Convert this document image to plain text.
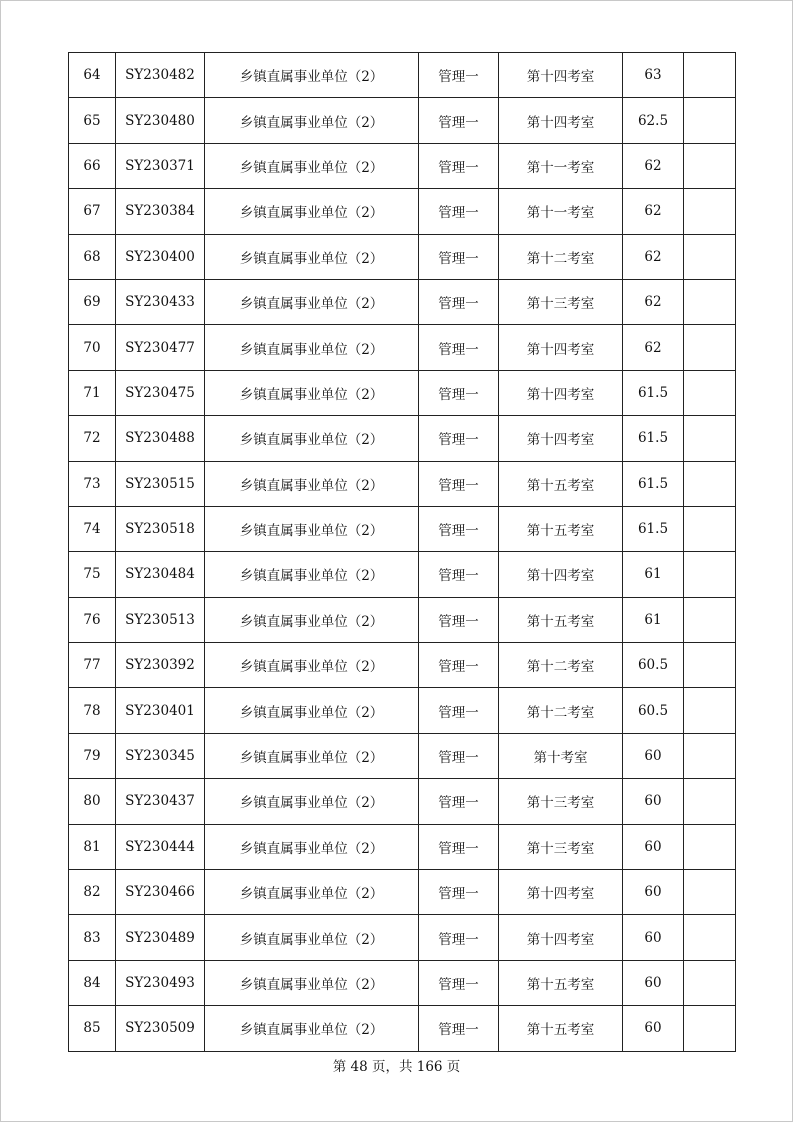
64	SY230482	乡镇直属事业单位（2）	管理一	第十四考室	63	
65	SY230480	乡镇直属事业单位（2）	管理一	第十四考室	62.5	
66	SY230371	乡镇直属事业单位（2）	管理一	第十一考室	62	
67	SY230384	乡镇直属事业单位（2）	管理一	第十一考室	62	
68	SY230400	乡镇直属事业单位（2）	管理一	第十二考室	62	
69	SY230433	乡镇直属事业单位（2）	管理一	第十三考室	62	
70	SY230477	乡镇直属事业单位（2）	管理一	第十四考室	62	
71	SY230475	乡镇直属事业单位（2）	管理一	第十四考室	61.5	
72	SY230488	乡镇直属事业单位（2）	管理一	第十四考室	61.5	
73	SY230515	乡镇直属事业单位（2）	管理一	第十五考室	61.5	
74	SY230518	乡镇直属事业单位（2）	管理一	第十五考室	61.5	
75	SY230484	乡镇直属事业单位（2）	管理一	第十四考室	61	
76	SY230513	乡镇直属事业单位（2）	管理一	第十五考室	61	
77	SY230392	乡镇直属事业单位（2）	管理一	第十二考室	60.5	
78	SY230401	乡镇直属事业单位（2）	管理一	第十二考室	60.5	
79	SY230345	乡镇直属事业单位（2）	管理一	第十考室	60	
80	SY230437	乡镇直属事业单位（2）	管理一	第十三考室	60	
81	SY230444	乡镇直属事业单位（2）	管理一	第十三考室	60	
82	SY230466	乡镇直属事业单位（2）	管理一	第十四考室	60	
83	SY230489	乡镇直属事业单位（2）	管理一	第十四考室	60	
84	SY230493	乡镇直属事业单位（2）	管理一	第十五考室	60	
85	SY230509	乡镇直属事业单位（2）	管理一	第十五考室	60	
第 48 页，共 166 页
